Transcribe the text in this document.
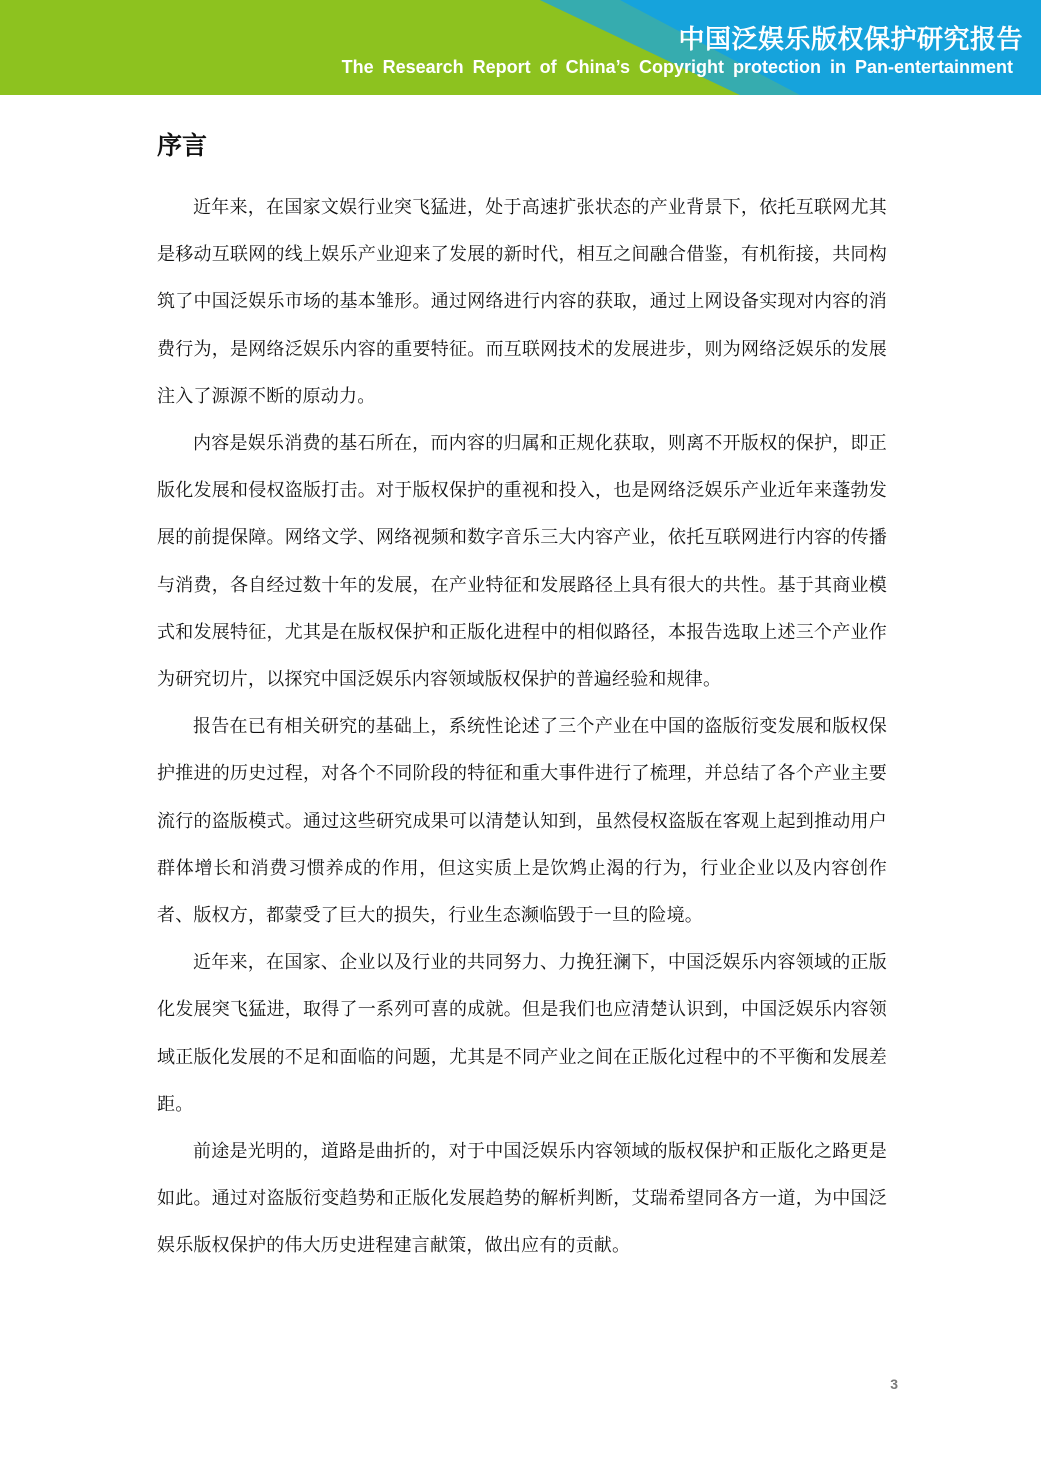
中国泛娱乐版权保护研究报告
The Research Report of China’s Copyright protection in Pan-entertainment
序言

近年来，在国家文娱行业突飞猛进，处于高速扩张状态的产业背景下，依托互联网尤其是移动互联网的线上娱乐产业迎来了发展的新时代，相互之间融合借鉴，有机衔接，共同构筑了中国泛娱乐市场的基本雏形。通过网络进行内容的获取，通过上网设备实现对内容的消费行为，是网络泛娱乐内容的重要特征。而互联网技术的发展进步，则为网络泛娱乐的发展注入了源源不断的原动力。

内容是娱乐消费的基石所在，而内容的归属和正规化获取，则离不开版权的保护，即正版化发展和侵权盗版打击。对于版权保护的重视和投入，也是网络泛娱乐产业近年来蓬勃发展的前提保障。网络文学、网络视频和数字音乐三大内容产业，依托互联网进行内容的传播与消费，各自经过数十年的发展，在产业特征和发展路径上具有很大的共性。基于其商业模式和发展特征，尤其是在版权保护和正版化进程中的相似路径，本报告选取上述三个产业作为研究切片，以探究中国泛娱乐内容领域版权保护的普遍经验和规律。

报告在已有相关研究的基础上，系统性论述了三个产业在中国的盗版衍变发展和版权保护推进的历史过程，对各个不同阶段的特征和重大事件进行了梳理，并总结了各个产业主要流行的盗版模式。通过这些研究成果可以清楚认知到，虽然侵权盗版在客观上起到推动用户群体增长和消费习惯养成的作用，但这实质上是饮鸩止渴的行为，行业企业以及内容创作者、版权方，都蒙受了巨大的损失，行业生态濒临毁于一旦的险境。

近年来，在国家、企业以及行业的共同努力、力挽狂澜下，中国泛娱乐内容领域的正版化发展突飞猛进，取得了一系列可喜的成就。但是我们也应清楚认识到，中国泛娱乐内容领域正版化发展的不足和面临的问题，尤其是不同产业之间在正版化过程中的不平衡和发展差距。

前途是光明的，道路是曲折的，对于中国泛娱乐内容领域的版权保护和正版化之路更是如此。通过对盗版衍变趋势和正版化发展趋势的解析判断，艾瑞希望同各方一道，为中国泛娱乐版权保护的伟大历史进程建言献策，做出应有的贡献。

3
